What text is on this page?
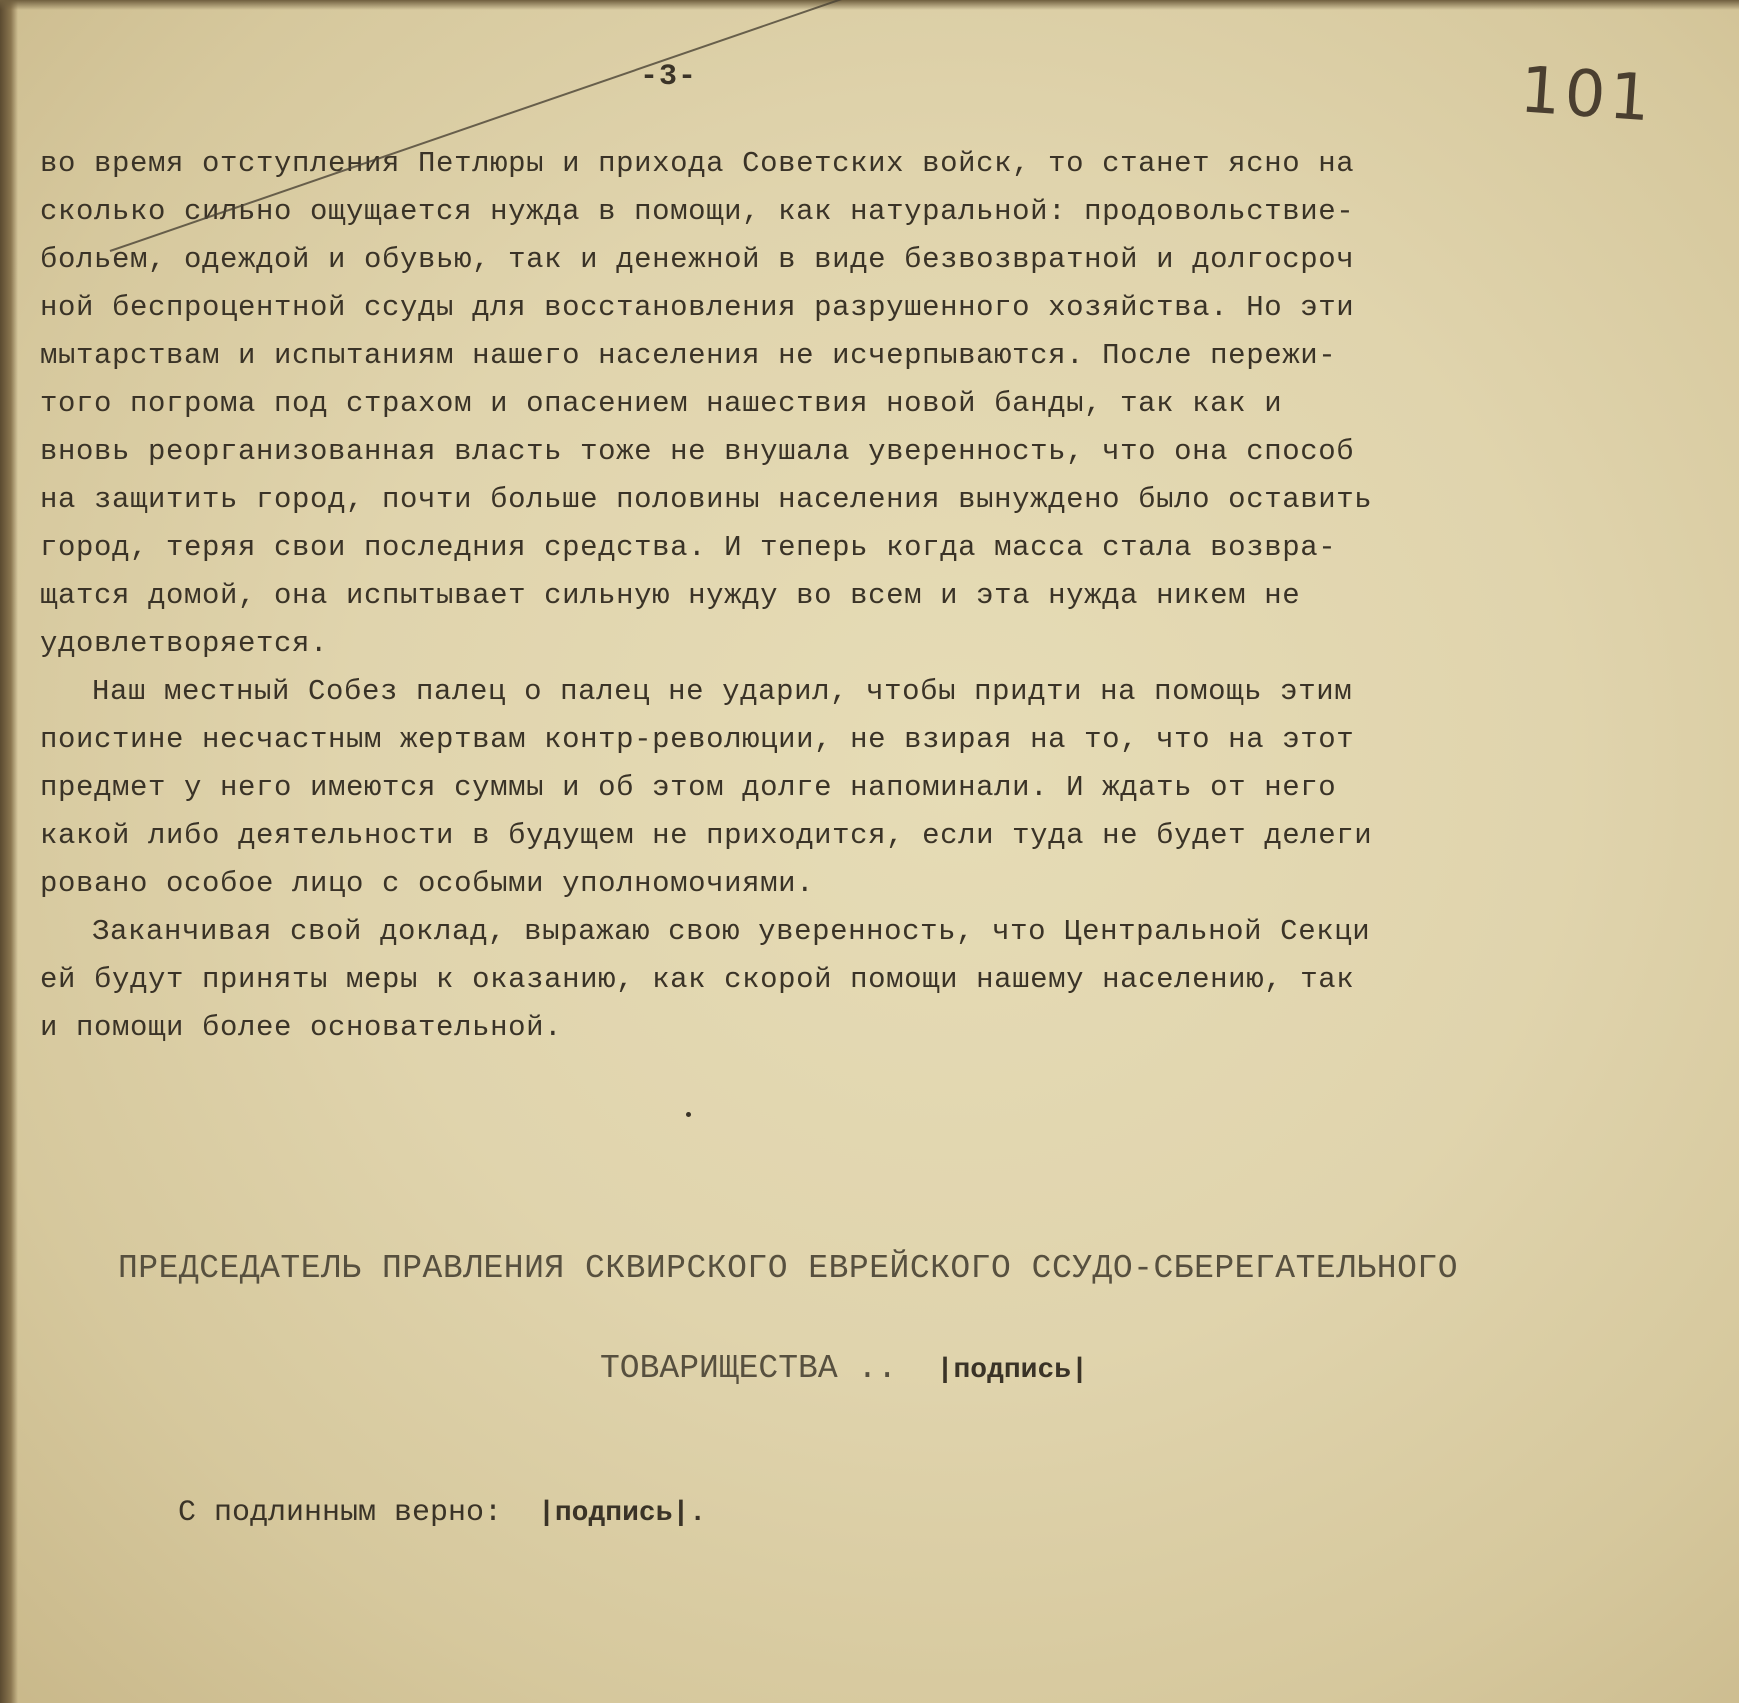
-3-	101
во время отступления Петлюры и прихода Советских войск, то станет ясно на
сколько сильно ощущается нужда в помощи, как натуральной: продовольствие-
больем, одеждой и обувью, так и денежной в виде безвозвратной и долгосроч
ной беспроцентной ссуды для восстановления разрушенного хозяйства. Но эти
мытарствам и испытаниям нашего населения не исчерпываются. После пережи-
того погрома под страхом и опасением нашествия новой банды, так как и
вновь реорганизованная власть тоже не внушала уверенность, что она способ
на защитить город, почти больше половины населения вынуждено было оставить
город, теряя свои последния средства. И теперь когда масса стала возвра-
щатся домой, она испытывает сильную нужду во всем и эта нужда никем не
удовлетворяется.
Наш местный Собез палец о палец не ударил, чтобы придти на помощь этим
поистине несчастным жертвам контр-революции, не взирая на то, что на этот
предмет у него имеются суммы и об этом долге напоминали. И ждать от него
какой либо деятельности в будущем не приходится, если туда не будет делеги
ровано особое лицо с особыми уполномочиями.
Заканчивая свой доклад, выражаю свою уверенность, что Центральной Секци
ей будут приняты меры к оказанию, как скорой помощи нашему населению, так
и помощи более основательной.
ПРЕДСЕДАТЕЛЬ ПРАВЛЕНИЯ СКВИРСКОГО ЕВРЕЙСКОГО ССУДО-СБЕРЕГАТЕЛЬНОГО
ТОВАРИЩЕСТВА .. |подпись|
С подлинным верно: |подпись|.
